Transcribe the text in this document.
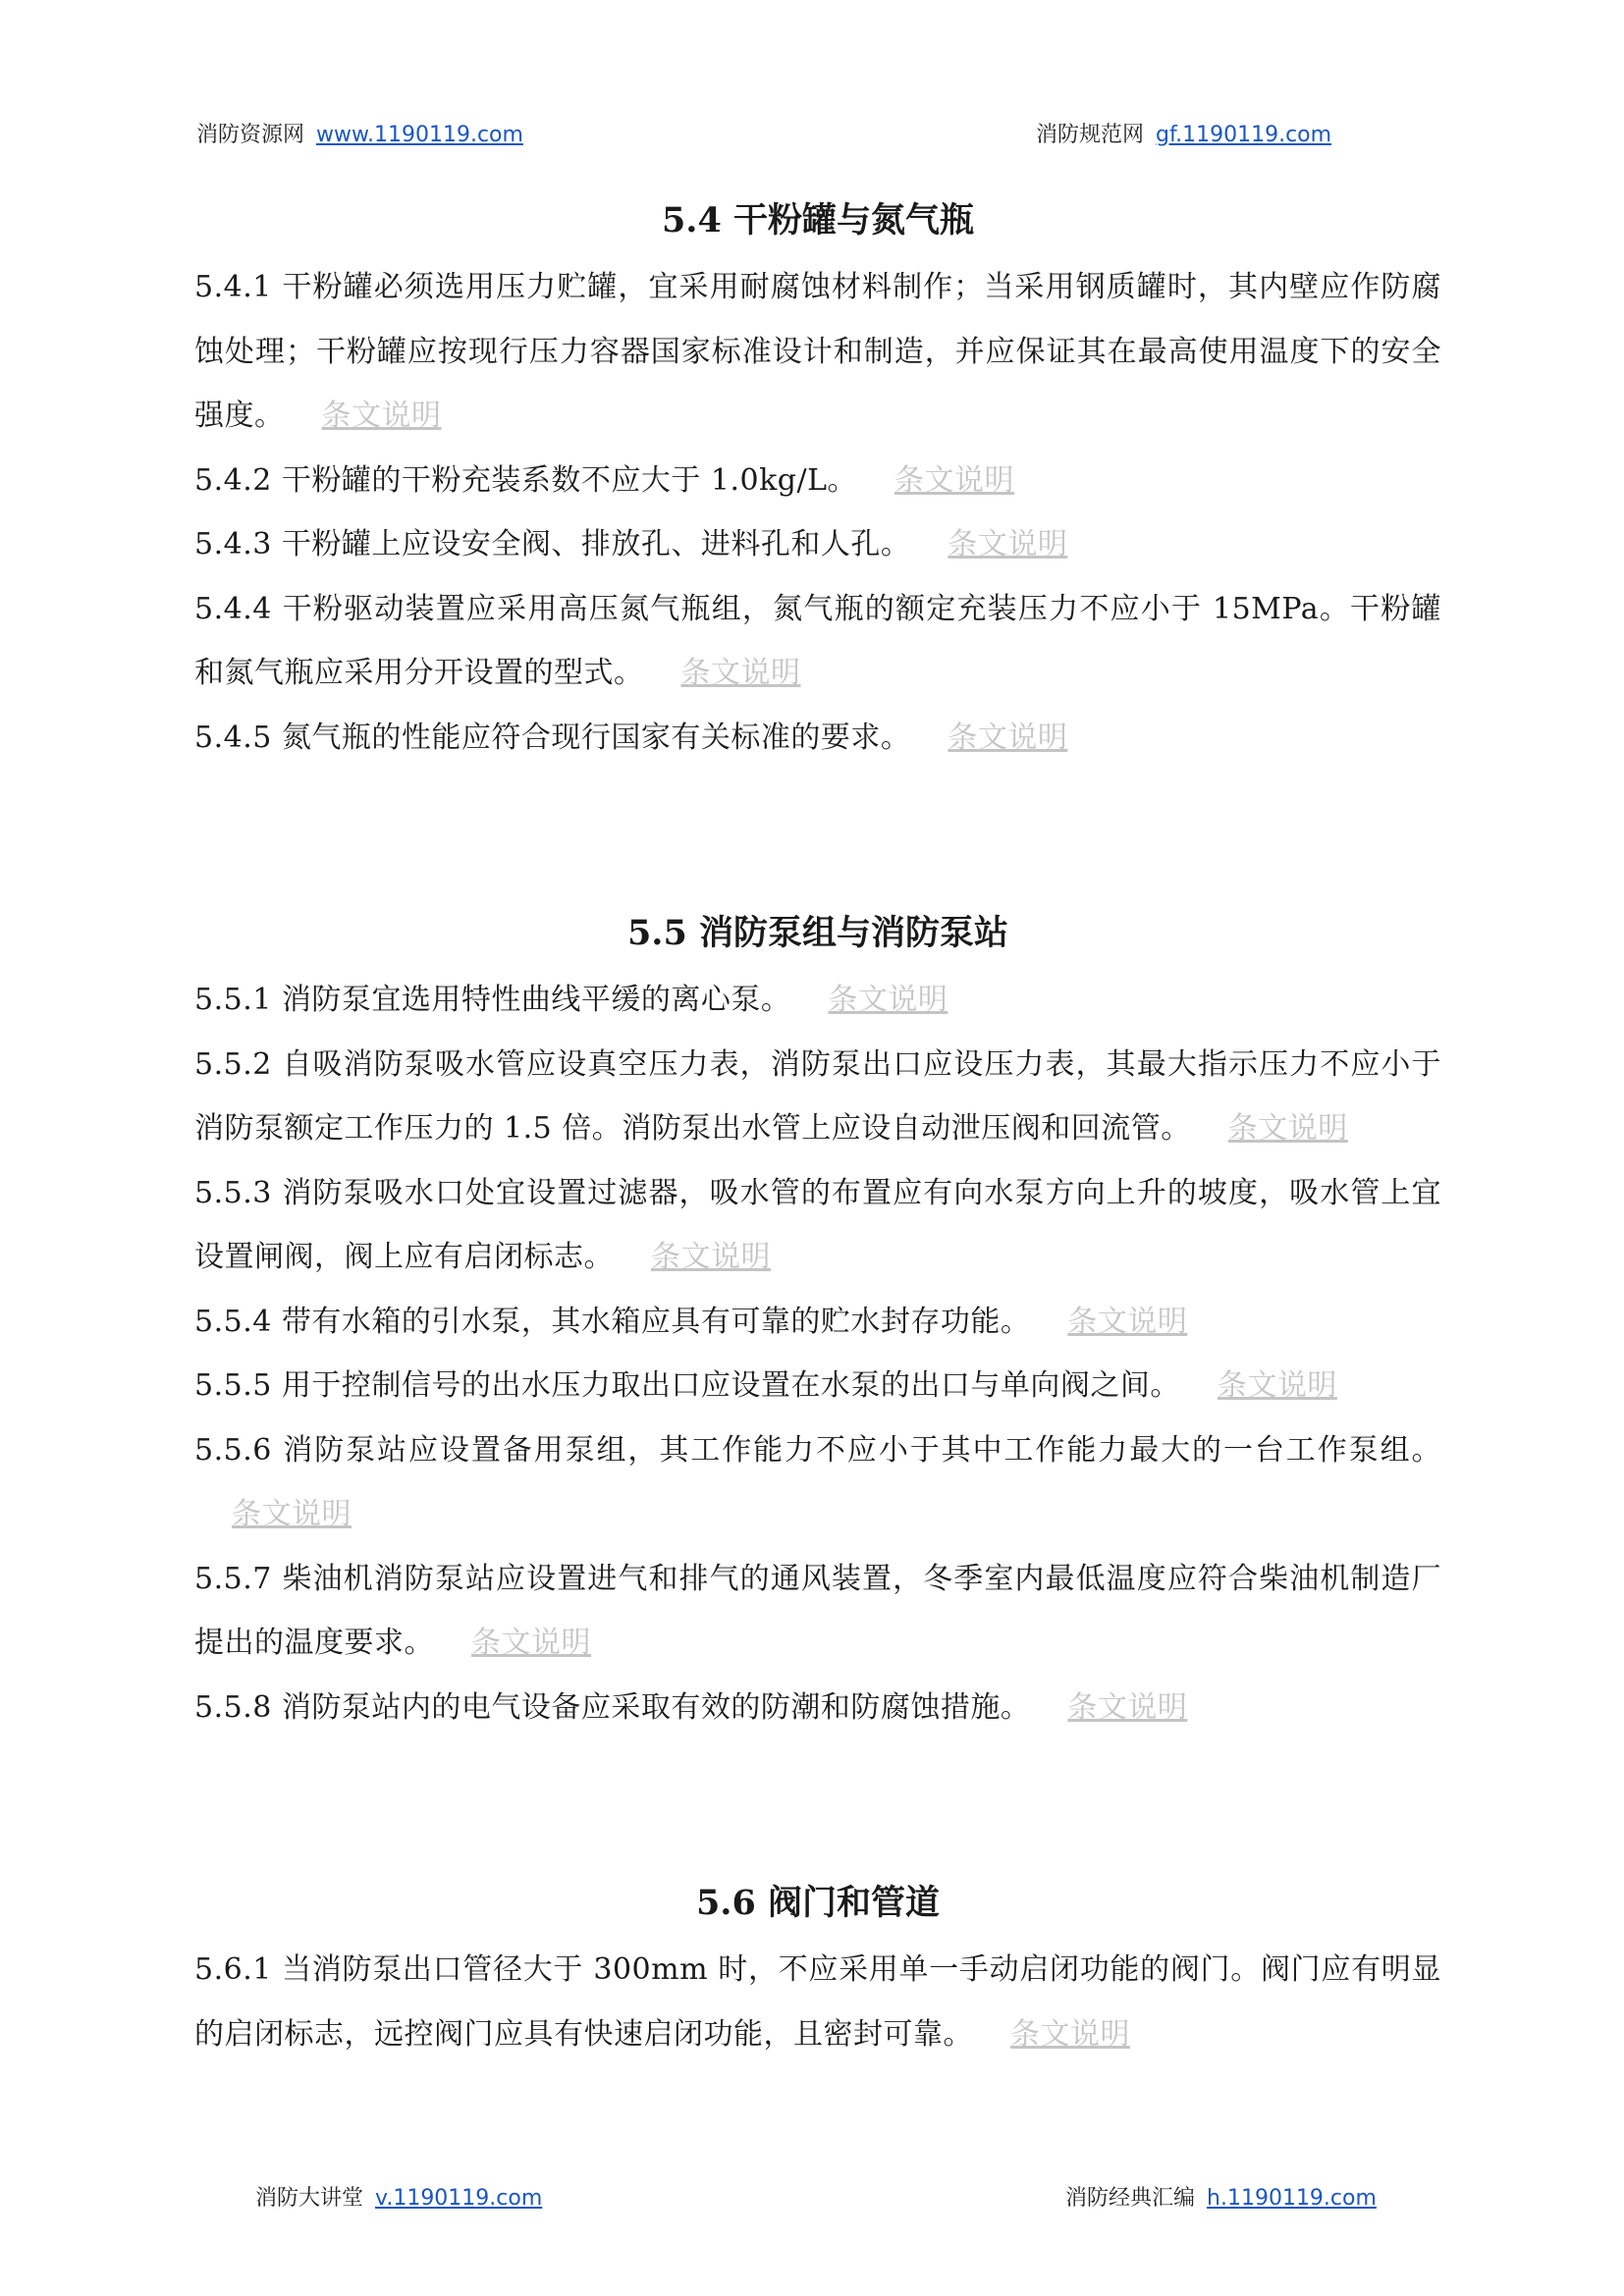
消防资源网 www.1190119.com	消防规范网 gf.1190119.com
5.4 干粉罐与氮气瓶

5.4.1 干粉罐必须选用压力贮罐，宜采用耐腐蚀材料制作；当采用钢质罐时，其内壁应作防腐蚀处理；干粉罐应按现行压力容器国家标准设计和制造，并应保证其在最高使用温度下的安全强度。 条文说明

5.4.2 干粉罐的干粉充装系数不应大于 1.0kg/L。 条文说明

5.4.3 干粉罐上应设安全阀、排放孔、进料孔和人孔。 条文说明

5.4.4 干粉驱动装置应采用高压氮气瓶组，氮气瓶的额定充装压力不应小于 15MPa。干粉罐和氮气瓶应采用分开设置的型式。 条文说明

5.4.5 氮气瓶的性能应符合现行国家有关标准的要求。 条文说明

5.5 消防泵组与消防泵站

5.5.1 消防泵宜选用特性曲线平缓的离心泵。 条文说明

5.5.2 自吸消防泵吸水管应设真空压力表，消防泵出口应设压力表，其最大指示压力不应小于消防泵额定工作压力的 1.5 倍。消防泵出水管上应设自动泄压阀和回流管。 条文说明

5.5.3 消防泵吸水口处宜设置过滤器，吸水管的布置应有向水泵方向上升的坡度，吸水管上宜设置闸阀，阀上应有启闭标志。 条文说明

5.5.4 带有水箱的引水泵，其水箱应具有可靠的贮水封存功能。 条文说明

5.5.5 用于控制信号的出水压力取出口应设置在水泵的出口与单向阀之间。 条文说明

5.5.6 消防泵站应设置备用泵组，其工作能力不应小于其中工作能力最大的一台工作泵组。条文说明

5.5.7 柴油机消防泵站应设置进气和排气的通风装置，冬季室内最低温度应符合柴油机制造厂提出的温度要求。 条文说明

5.5.8 消防泵站内的电气设备应采取有效的防潮和防腐蚀措施。 条文说明

5.6 阀门和管道

5.6.1 当消防泵出口管径大于 300mm 时，不应采用单一手动启闭功能的阀门。阀门应有明显的启闭标志，远控阀门应具有快速启闭功能，且密封可靠。 条文说明

消防大讲堂 v.1190119.com	消防经典汇编 h.1190119.com
